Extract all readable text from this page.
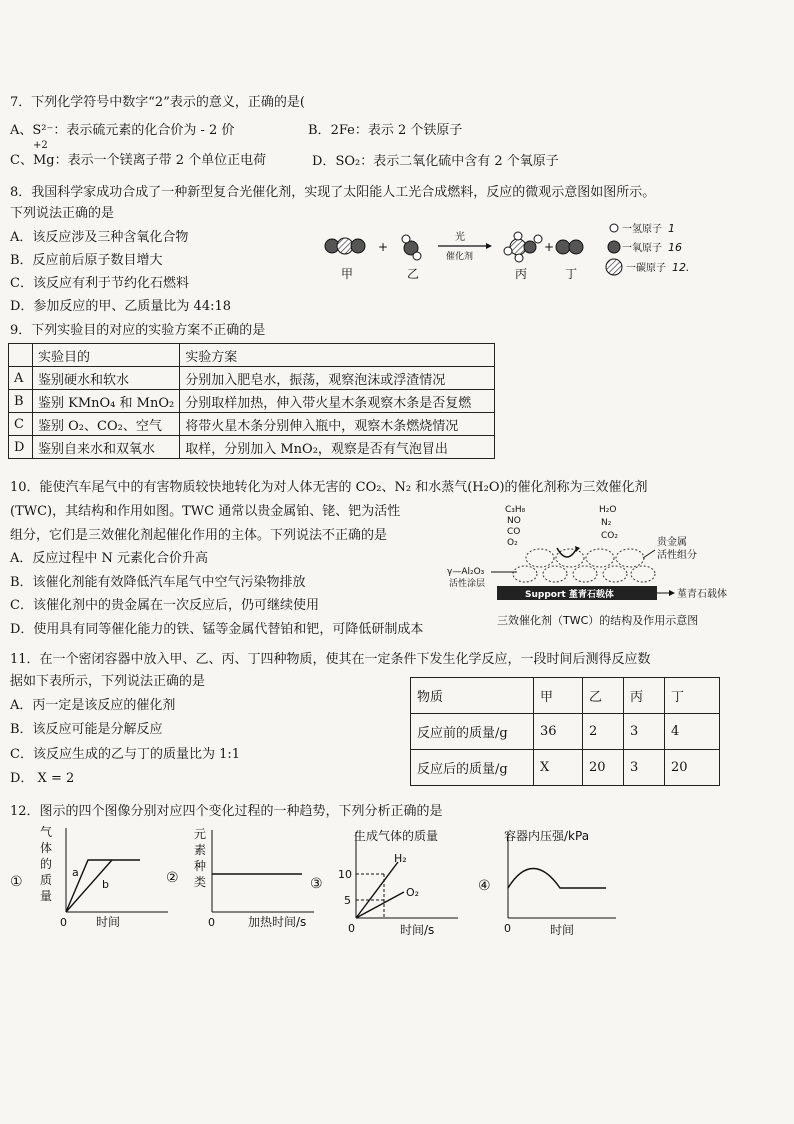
7．下列化学符号中数字“2”表示的意义，正确的是(
A、S²⁻：表示硫元素的化合价为 - 2 价	B．2Fe：表示 2 个铁原子
+2
C、Mg：表示一个镁离子带 2 个单位正电荷	D．SO₂：表示二氧化硫中含有 2 个氧原子
8．我国科学家成功合成了一种新型复合光催化剂，实现了太阳能人工光合成燃料，反应的微观示意图如图所示。
下列说法正确的是
A．该反应涉及三种含氧化合物
B．反应前后原子数目增大
C．该反应有利于节约化石燃料
D．参加反应的甲、乙质量比为 44:18
+
光
催化剂
+
甲	乙	丙	丁
一氢原子 1
一氧原子 16
一碳原子 12.
9．下列实验目的对应的实验方案不正确的是
	实验目的	实验方案
A	鉴别硬水和软水	分别加入肥皂水，振荡，观察泡沫或浮渣情况
B	鉴别 KMnO₄ 和 MnO₂	分别取样加热，伸入带火星木条观察木条是否复燃
C	鉴别 O₂、CO₂、空气	将带火星木条分别伸入瓶中，观察木条燃烧情况
D	鉴别自来水和双氧水	取样，分别加入 MnO₂，观察是否有气泡冒出
10．能使汽车尾气中的有害物质较快地转化为对人体无害的 CO₂、N₂ 和水蒸气(H₂O)的催化剂称为三效催化剂
(TWC)，其结构和作用如图。TWC 通常以贵金属铂、铑、钯为活性
组分，它们是三效催化剂起催化作用的主体。下列说法不正确的是
A．反应过程中 N 元素化合价升高
B．该催化剂能有效降低汽车尾气中空气污染物排放
C．该催化剂中的贵金属在一次反应后，仍可继续使用
D．使用具有同等催化能力的铁、锰等金属代替铂和钯，可降低研制成本
C₃H₈
NO
CO
O₂
H₂O
N₂
CO₂
γ—Al₂O₃
活性涂层
贵金属
活性组分
Support 堇青石载体	堇青石载体
三效催化剂（TWC）的结构及作用示意图
11．在一个密闭容器中放入甲、乙、丙、丁四种物质，使其在一定条件下发生化学反应，一段时间后测得反应数
据如下表所示，下列说法正确的是
A．丙一定是该反应的催化剂
B．该反应可能是分解反应
C．该反应生成的乙与丁的质量比为 1:1
D． X = 2
物质	甲	乙	丙	丁
反应前的质量/g	36	2	3	4
反应后的质量/g	X	20	3	20
12．图示的四个图像分别对应四个变化过程的一种趋势，下列分析正确的是
①
气
体
的
质
量
a
b
0 时间
②
元
素
种
类
0	加热时间/s
③
生成气体的质量
10
5
H₂
O₂
0	时间/s
④
容器内压强/kPa
0	时间
